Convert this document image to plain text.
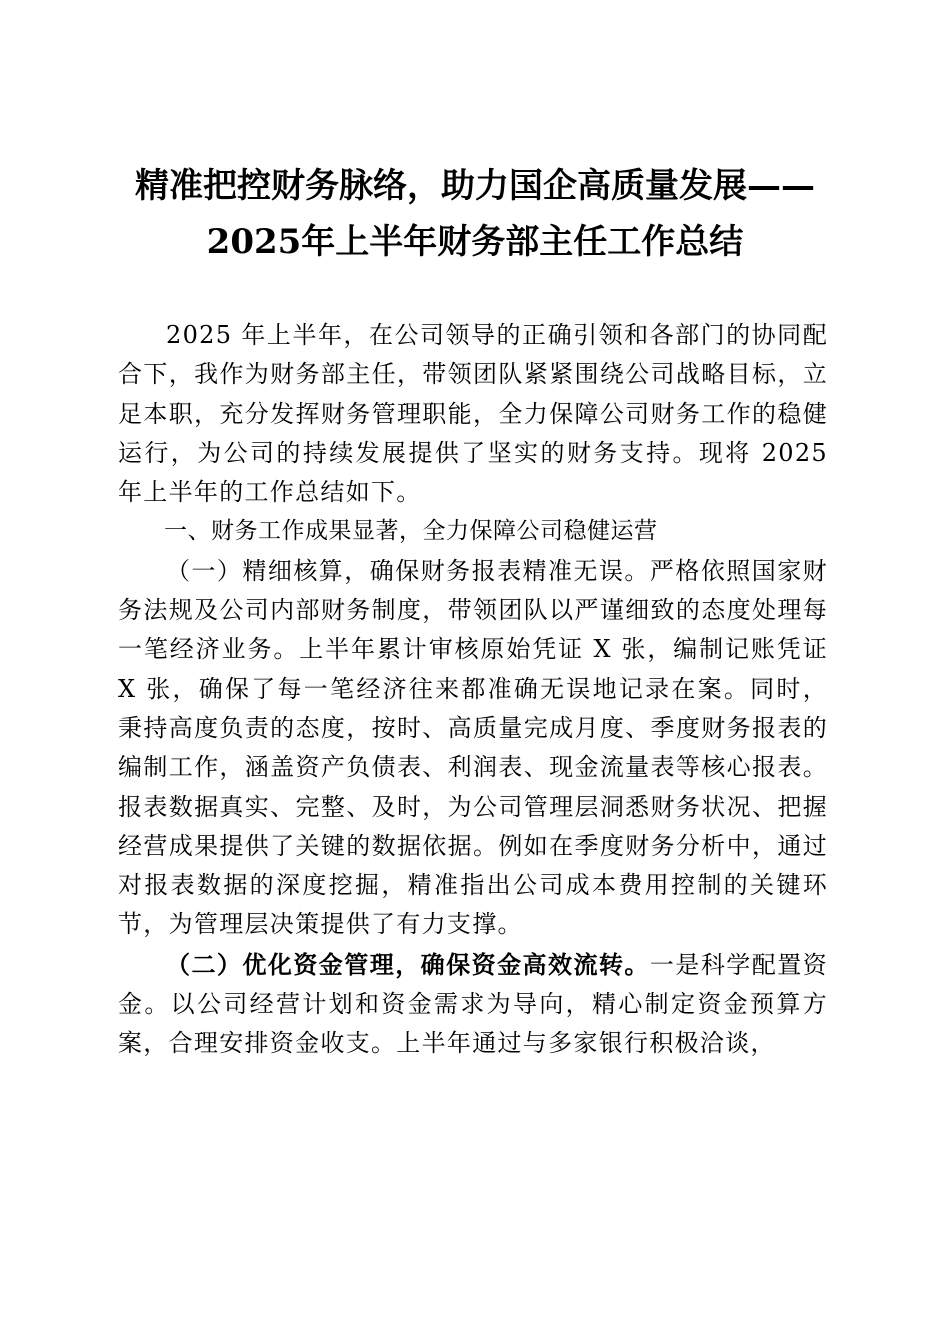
精准把控财务脉络，助力国企高质量发展——
2025年上半年财务部主任工作总结

2025 年上半年，在公司领导的正确引领和各部门的协同配合下，我作为财务部主任，带领团队紧紧围绕公司战略目标，立足本职，充分发挥财务管理职能，全力保障公司财务工作的稳健运行，为公司的持续发展提供了坚实的财务支持。现将 2025 年上半年的工作总结如下。

一、财务工作成果显著，全力保障公司稳健运营

（一）精细核算，确保财务报表精准无误。严格依照国家财务法规及公司内部财务制度，带领团队以严谨细致的态度处理每一笔经济业务。上半年累计审核原始凭证 X 张，编制记账凭证 X 张，确保了每一笔经济往来都准确无误地记录在案。同时，秉持高度负责的态度，按时、高质量完成月度、季度财务报表的编制工作，涵盖资产负债表、利润表、现金流量表等核心报表。报表数据真实、完整、及时，为公司管理层洞悉财务状况、把握经营成果提供了关键的数据依据。例如在季度财务分析中，通过对报表数据的深度挖掘，精准指出公司成本费用控制的关键环节，为管理层决策提供了有力支撑。

（二）优化资金管理，确保资金高效流转。一是科学配置资金。以公司经营计划和资金需求为导向，精心制定资金预算方案，合理安排资金收支。上半年通过与多家银行积极洽谈，
